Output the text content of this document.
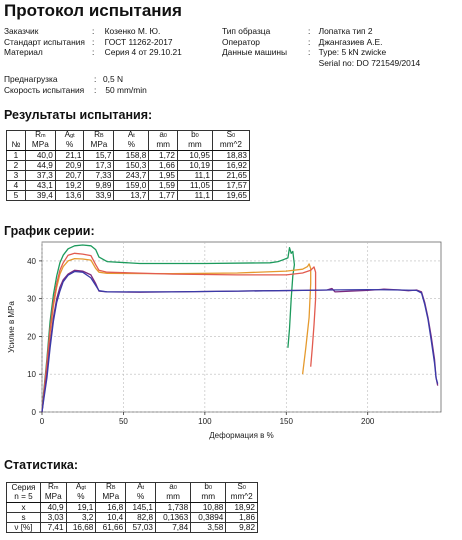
Протокол испытания
Заказчик	: Козенко М. Ю.
Стандарт испытания : ГОСТ 11262-2017
Материал	: Серия 4 от 29.10.21
Тип образца	: Лопатка тип 2
Оператор	: Джангазиев А.Е.
Данные машины : Type: 5 kN zwicke
Serial no: DO 721549/2014
Преднагрузка	: 0,5 N
Скорость испытания : 50 mm/min
Результаты испытания:
	Rm	Agt	RB	At	a0	b0	S0
№	MPa	%	MPa	%	mm	mm	mm^2
1	40,0	21,1	15,7	158,8	1,72	10,95	18,83
2	44,9	20,9	17,3	150,3	1,66	10,19	16,92
3	37,3	20,7	7,33	243,7	1,95	11,1	21,65
4	43,1	19,2	9,89	159,0	1,59	11,05	17,57
5	39,4	13,6	33,9	13,7	1,77	11,1	19,65
График серии:
0	50	100	150	200
0
10
20
30
40
Деформация в %
Усилие в MPa
Статистика:
Серия	Rm	Agt	RB	At	a0	b0	S0
n = 5	MPa	%	MPa	%	mm	mm	mm^2
x	40,9	19,1	16,8	145,1	1,738	10,88	18,92
s	3,03	3,2	10,4	82,8	0,1363	0,3894	1,86
ν [%]	7,41	16,68	61,66	57,03	7,84	3,58	9,82
